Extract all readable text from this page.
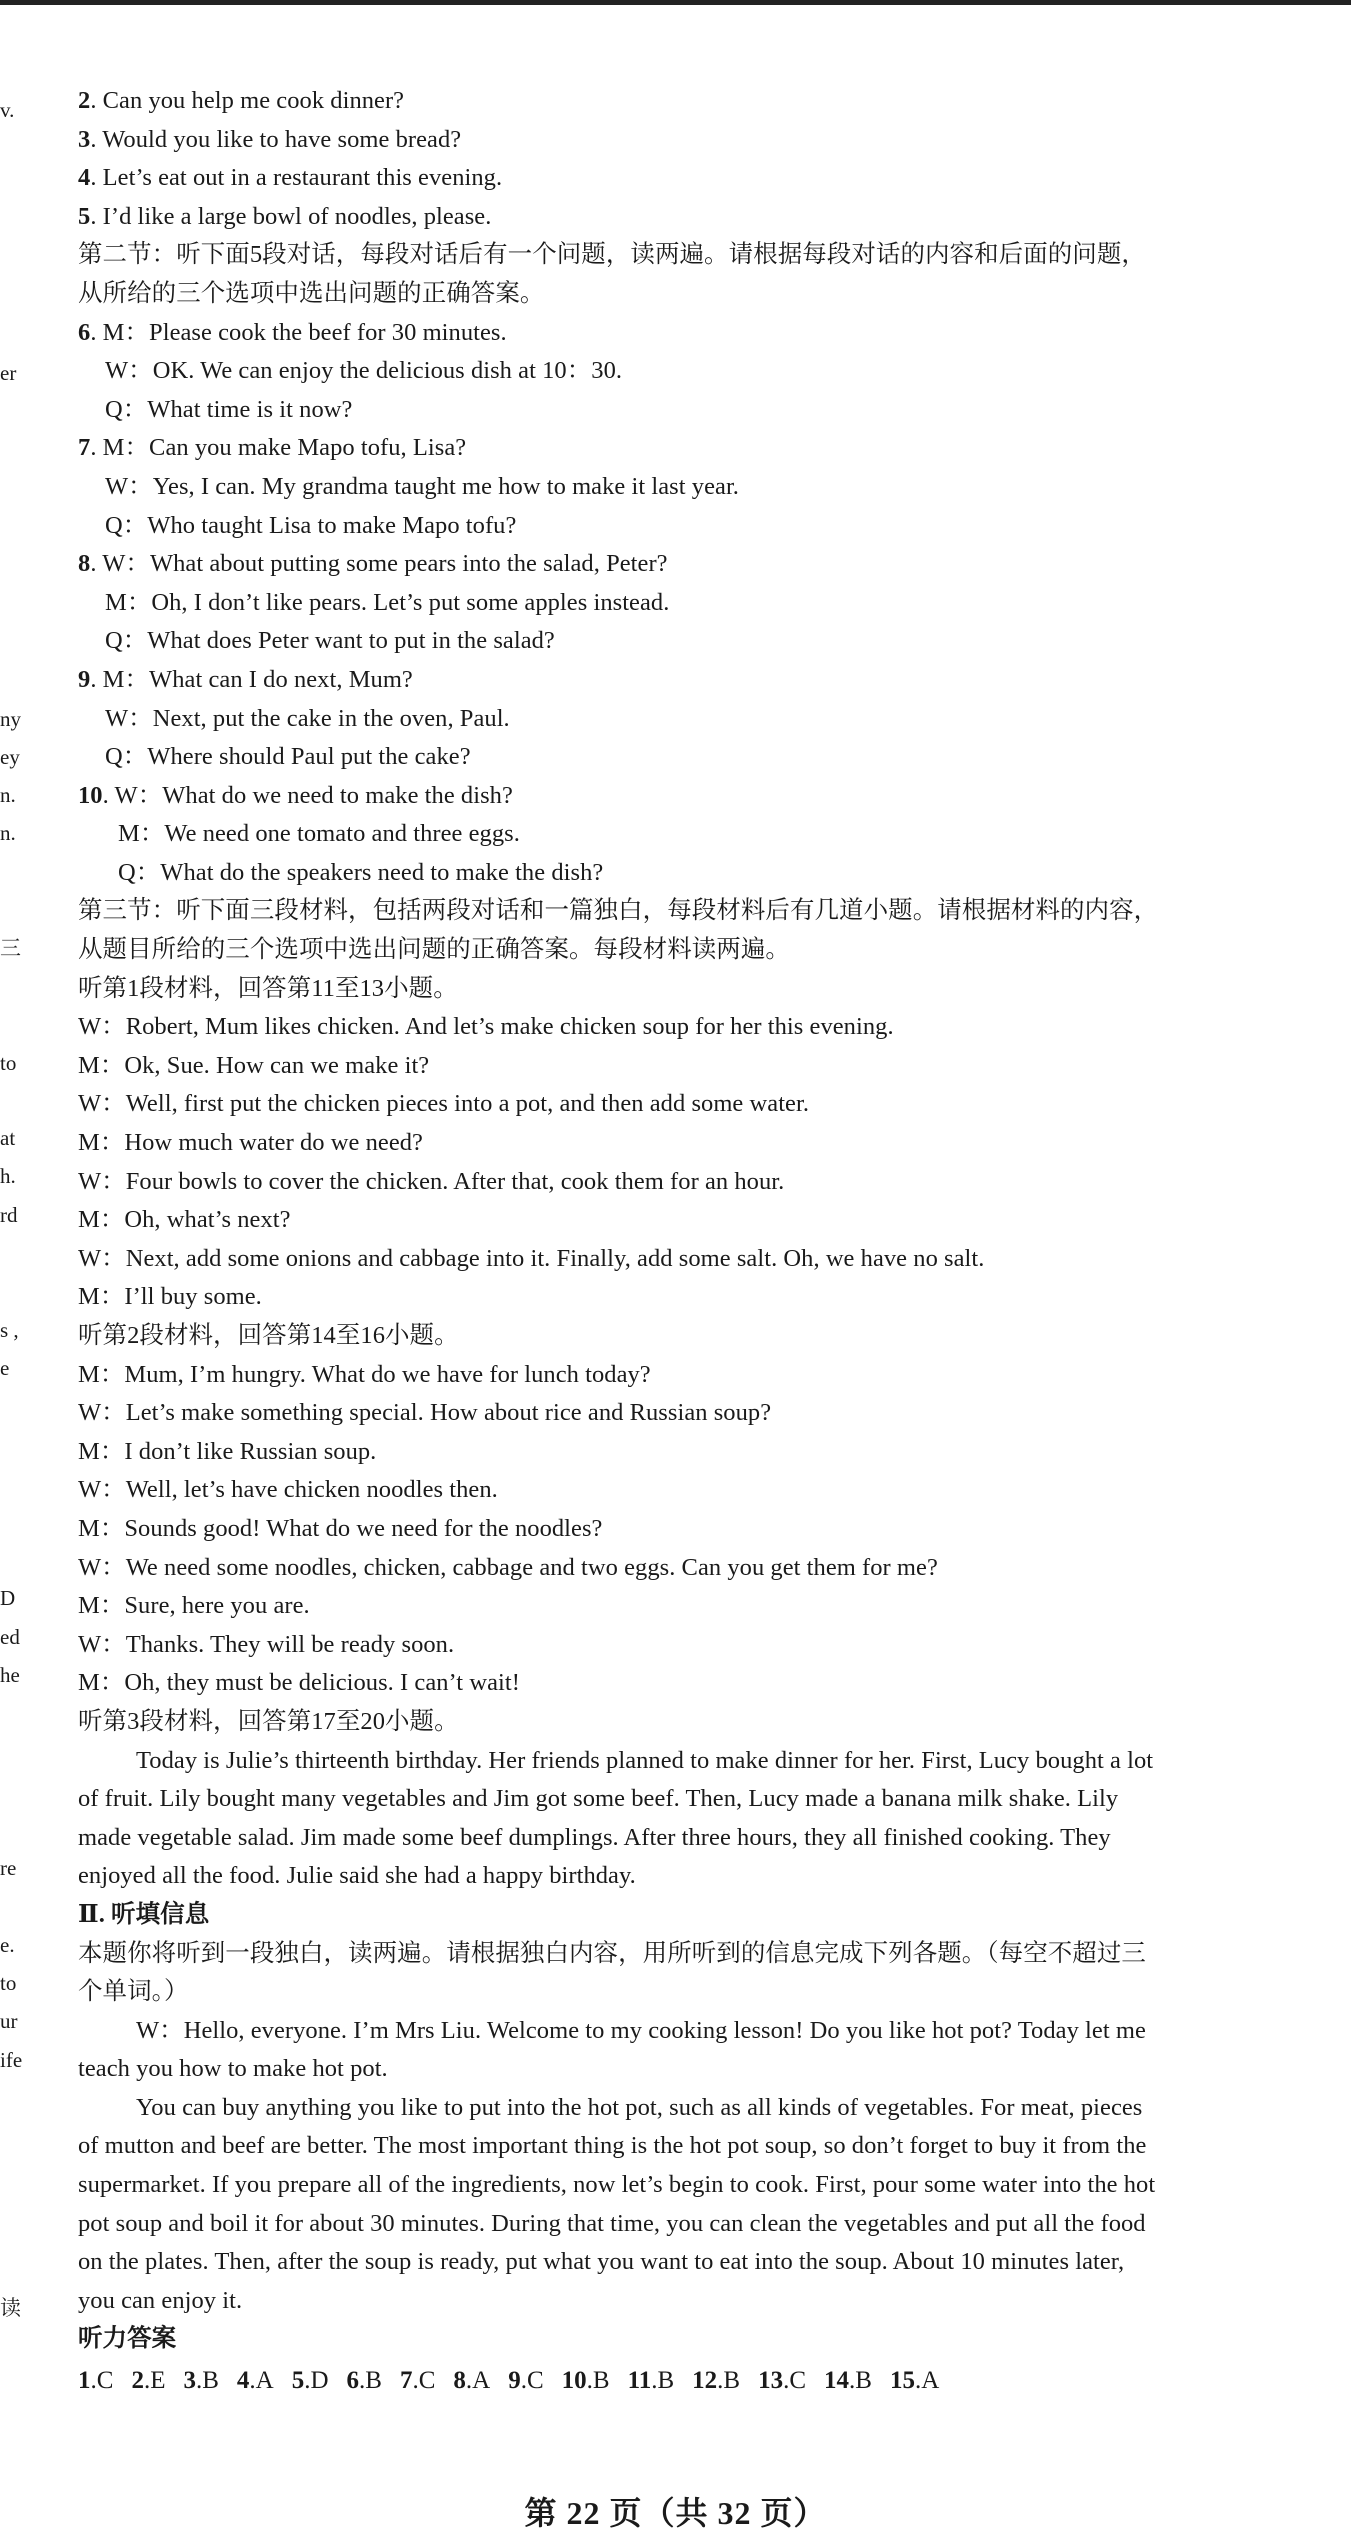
v.
er
ny
ey
n.
n.
三
to
at
h.
rd
s ,
e
D
ed
he
re
e.
to
ur
ife
读
2. Can you help me cook dinner?
3. Would you like to have some bread?
4. Let’s eat out in a restaurant this evening.
5. I’d like a large bowl of noodles, please.
第二节：听下面5段对话，每段对话后有一个问题，读两遍。请根据每段对话的内容和后面的问题，
从所给的三个选项中选出问题的正确答案。
6. M：Please cook the beef for 30 minutes.
W：OK. We can enjoy the delicious dish at 10：30.
Q：What time is it now?
7. M：Can you make Mapo tofu, Lisa?
W：Yes, I can. My grandma taught me how to make it last year.
Q：Who taught Lisa to make Mapo tofu?
8. W：What about putting some pears into the salad, Peter?
M：Oh, I don’t like pears. Let’s put some apples instead.
Q：What does Peter want to put in the salad?
9. M：What can I do next, Mum?
W：Next, put the cake in the oven, Paul.
Q：Where should Paul put the cake?
10. W：What do we need to make the dish?
M：We need one tomato and three eggs.
Q：What do the speakers need to make the dish?
第三节：听下面三段材料，包括两段对话和一篇独白，每段材料后有几道小题。请根据材料的内容，
从题目所给的三个选项中选出问题的正确答案。每段材料读两遍。
听第1段材料，回答第11至13小题。
W：Robert, Mum likes chicken. And let’s make chicken soup for her this evening.
M：Ok, Sue. How can we make it?
W：Well, first put the chicken pieces into a pot, and then add some water.
M：How much water do we need?
W：Four bowls to cover the chicken. After that, cook them for an hour.
M：Oh, what’s next?
W：Next, add some onions and cabbage into it. Finally, add some salt. Oh, we have no salt.
M：I’ll buy some.
听第2段材料，回答第14至16小题。
M：Mum, I’m hungry. What do we have for lunch today?
W：Let’s make something special. How about rice and Russian soup?
M：I don’t like Russian soup.
W：Well, let’s have chicken noodles then.
M：Sounds good! What do we need for the noodles?
W：We need some noodles, chicken, cabbage and two eggs. Can you get them for me?
M：Sure, here you are.
W：Thanks. They will be ready soon.
M：Oh, they must be delicious. I can’t wait!
听第3段材料，回答第17至20小题。
Today is Julie’s thirteenth birthday. Her friends planned to make dinner for her. First, Lucy bought a lot
of fruit. Lily bought many vegetables and Jim got some beef. Then, Lucy made a banana milk shake. Lily
made vegetable salad. Jim made some beef dumplings. After three hours, they all finished cooking. They
enjoyed all the food. Julie said she had a happy birthday.
Ⅱ. 听填信息
本题你将听到一段独白，读两遍。请根据独白内容，用所听到的信息完成下列各题。（每空不超过三
个单词。）
W：Hello, everyone. I’m Mrs Liu. Welcome to my cooking lesson! Do you like hot pot? Today let me
teach you how to make hot pot.
You can buy anything you like to put into the hot pot, such as all kinds of vegetables. For meat, pieces
of mutton and beef are better. The most important thing is the hot pot soup, so don’t forget to buy it from the
supermarket. If you prepare all of the ingredients, now let’s begin to cook. First, pour some water into the hot
pot soup and boil it for about 30 minutes. During that time, you can clean the vegetables and put all the food
on the plates. Then, after the soup is ready, put what you want to eat into the soup. About 10 minutes later,
you can enjoy it.
听力答案
1.C 2.E 3.B 4.A 5.D 6.B 7.C 8.A 9.C 10.B 11.B 12.B 13.C 14.B 15.A
第 22 页（共 32 页）
